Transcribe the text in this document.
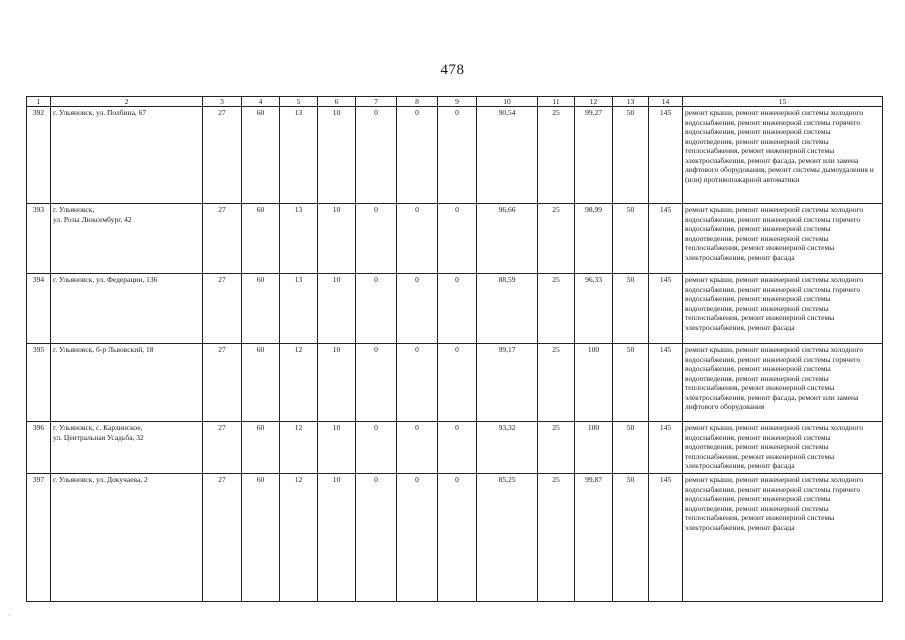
478
1	2	3	4	5	6	7	8	9	10	11	12	13	14	15
392	г. Ульяновск, ул. Полбина, 67	27	60	13	10	0	0	0	90,54	25	99,27	50	145	ремонт крыши, ремонт инженерной системы холодного водоснабжения, ремонт инженерной системы горячего водоснабжения, ремонт инженерной системы водоотведения, ремонт инженерной системы теплоснабжения, ремонт инженерной системы электроснабжения, ремонт фасада, ремонт или замена лифтового оборудования, ремонт системы дымоудаления и (или) противопожарной автоматики
393	г. Ульяновск,
ул. Розы Люксембург, 42	27	60	13	10	0	0	0	96,66	25	98,99	50	145	ремонт крыши, ремонт инженерной системы холодного водоснабжения, ремонт инженерной системы горячего водоснабжения, ремонт инженерной системы водоотведения, ремонт инженерной системы теплоснабжения, ремонт инженерной системы электроснабжения, ремонт фасада
394	г. Ульяновск, ул. Федерации, 136	27	60	13	10	0	0	0	88,59	25	96,33	50	145	ремонт крыши, ремонт инженерной системы холодного водоснабжения, ремонт инженерной системы горячего водоснабжения, ремонт инженерной системы водоотведения, ремонт инженерной системы теплоснабжения, ремонт инженерной системы электроснабжения, ремонт фасада
395	г. Ульяновск, б-р Львовский, 18	27	60	12	10	0	0	0	99,17	25	100	50	145	ремонт крыши, ремонт инженерной системы холодного водоснабжения, ремонт инженерной системы горячего водоснабжения, ремонт инженерной системы водоотведения, ремонт инженерной системы теплоснабжения, ремонт инженерной системы электроснабжения, ремонт фасада, ремонт или замена лифтового оборудования
396	г. Ульяновск, с. Карлинское,
ул. Центральная Усадьба, 32	27	60	12	10	0	0	0	93,32	25	100	50	145	ремонт крыши, ремонт инженерной системы холодного водоснабжения, ремонт инженерной системы водоотведения, ремонт инженерной системы теплоснабжения, ремонт инженерной системы электроснабжения, ремонт фасада
397	г. Ульяновск, ул. Докучаева, 2	27	60	12	10	0	0	0	85,25	25	99,87	50	145	ремонт крыши, ремонт инженерной системы холодного водоснабжения, ремонт инженерной системы горячего водоснабжения, ремонт инженерной системы водоотведения, ремонт инженерной системы теплоснабжения, ремонт инженерной системы электроснабжения, ремонт фасада
·
